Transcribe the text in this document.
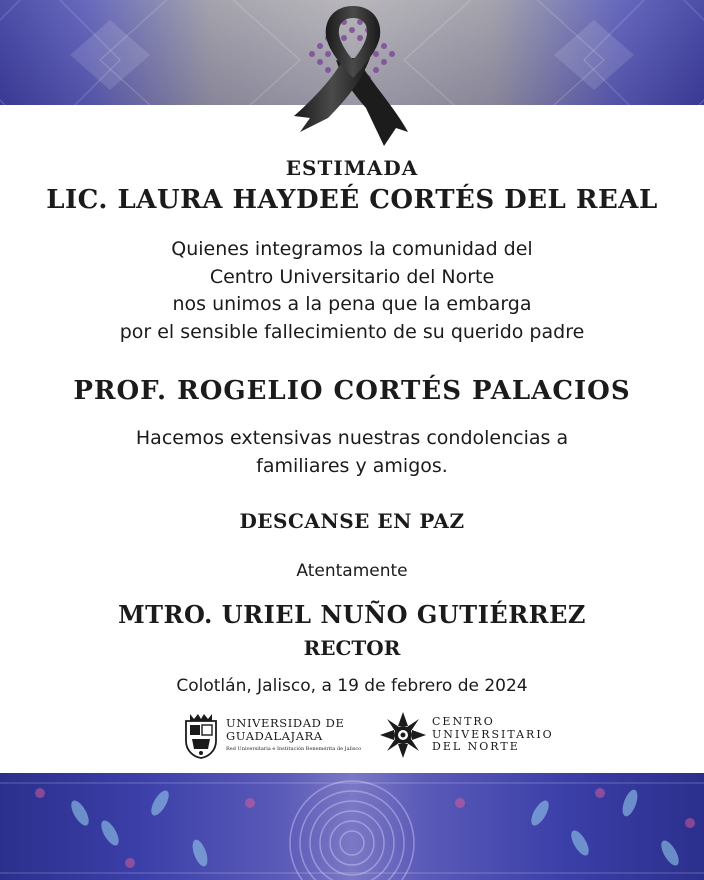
ESTIMADA
LIC. LAURA HAYDEÉ CORTÉS DEL REAL
Quienes integramos la comunidad del
Centro Universitario del Norte
nos unimos a la pena que la embarga
por el sensible fallecimiento de su querido padre
PROF. ROGELIO CORTÉS PALACIOS
Hacemos extensivas nuestras condolencias a
familiares y amigos.
DESCANSE EN PAZ
Atentamente
MTRO. URIEL NUÑO GUTIÉRREZ
RECTOR
Colotlán, Jalisco, a 19 de febrero de 2024
UNIVERSIDAD DE
GUADALAJARA
Red Universitaria e Institución Benemérita de Jalisco
CENTRO
UNIVERSITARIO
DEL NORTE
